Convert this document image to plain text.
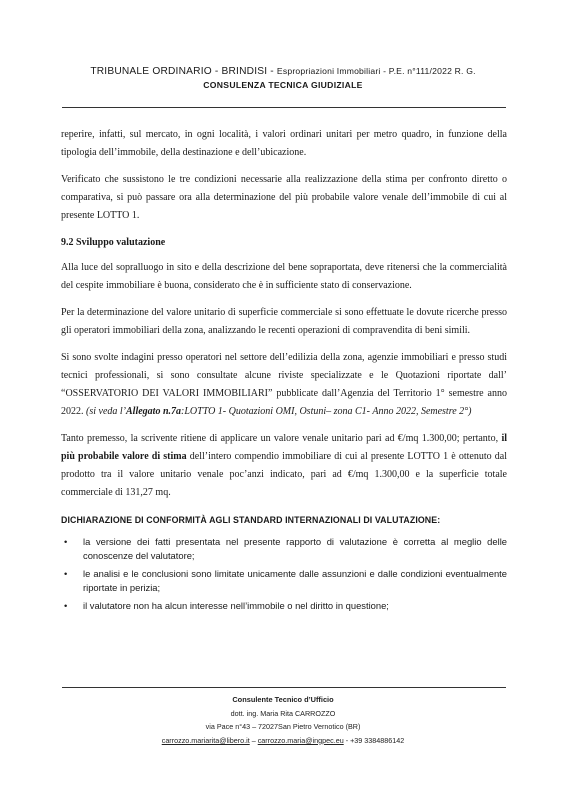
TRIBUNALE ORDINARIO - BRINDISI - Espropriazioni Immobiliari - P.E. n°111/2022 R. G.
CONSULENZA TECNICA GIUDIZIALE

reperire, infatti, sul mercato, in ogni località, i valori ordinari unitari per metro quadro, in funzione della tipologia dell’immobile, della destinazione e dell’ubicazione.

Verificato che sussistono le tre condizioni necessarie alla realizzazione della stima per confronto diretto o comparativa, si può passare ora alla determinazione del più probabile valore venale dell’immobile di cui al presente LOTTO 1.

9.2 Sviluppo valutazione

Alla luce del sopralluogo in sito e della descrizione del bene sopraportata, deve ritenersi che la commercialità del cespite immobiliare è buona, considerato che è in sufficiente stato di conservazione.

Per la determinazione del valore unitario di superficie commerciale si sono effettuate le dovute ricerche presso gli operatori immobiliari della zona, analizzando le recenti operazioni di compravendita di beni simili.

Si sono svolte indagini presso operatori nel settore dell’edilizia della zona, agenzie immobiliari e presso studi tecnici professionali, si sono consultate alcune riviste specializzate e le Quotazioni riportate dall’ “OSSERVATORIO DEI VALORI IMMOBILIARI” pubblicate dall’Agenzia del Territorio 1° semestre anno 2022. (si veda l’Allegato n.7a:LOTTO 1- Quotazioni OMI, Ostuni– zona C1- Anno 2022, Semestre 2°)

Tanto premesso, la scrivente ritiene di applicare un valore venale unitario pari ad €/mq 1.300,00; pertanto, il più probabile valore di stima dell’intero compendio immobiliare di cui al presente LOTTO 1 è ottenuto dal prodotto tra il valore unitario venale poc’anzi indicato, pari ad €/mq 1.300,00 e la superficie totale commerciale di 131,27 mq.

DICHIARAZIONE DI CONFORMITÀ AGLI STANDARD INTERNAZIONALI DI VALUTAZIONE:
• la versione dei fatti presentata nel presente rapporto di valutazione è corretta al meglio delle conoscenze del valutatore;
• le analisi e le conclusioni sono limitate unicamente dalle assunzioni e dalle condizioni eventualmente riportate in perizia;
• il valutatore non ha alcun interesse nell’immobile o nel diritto in questione;
Consulente Tecnico d’Ufficio
dott. ing. Maria Rita CARROZZO
via Pace n°43 – 72027San Pietro Vernotico (BR)
carrozzo.mariarita@libero.it – carrozzo.maria@ingpec.eu - +39 3384886142
